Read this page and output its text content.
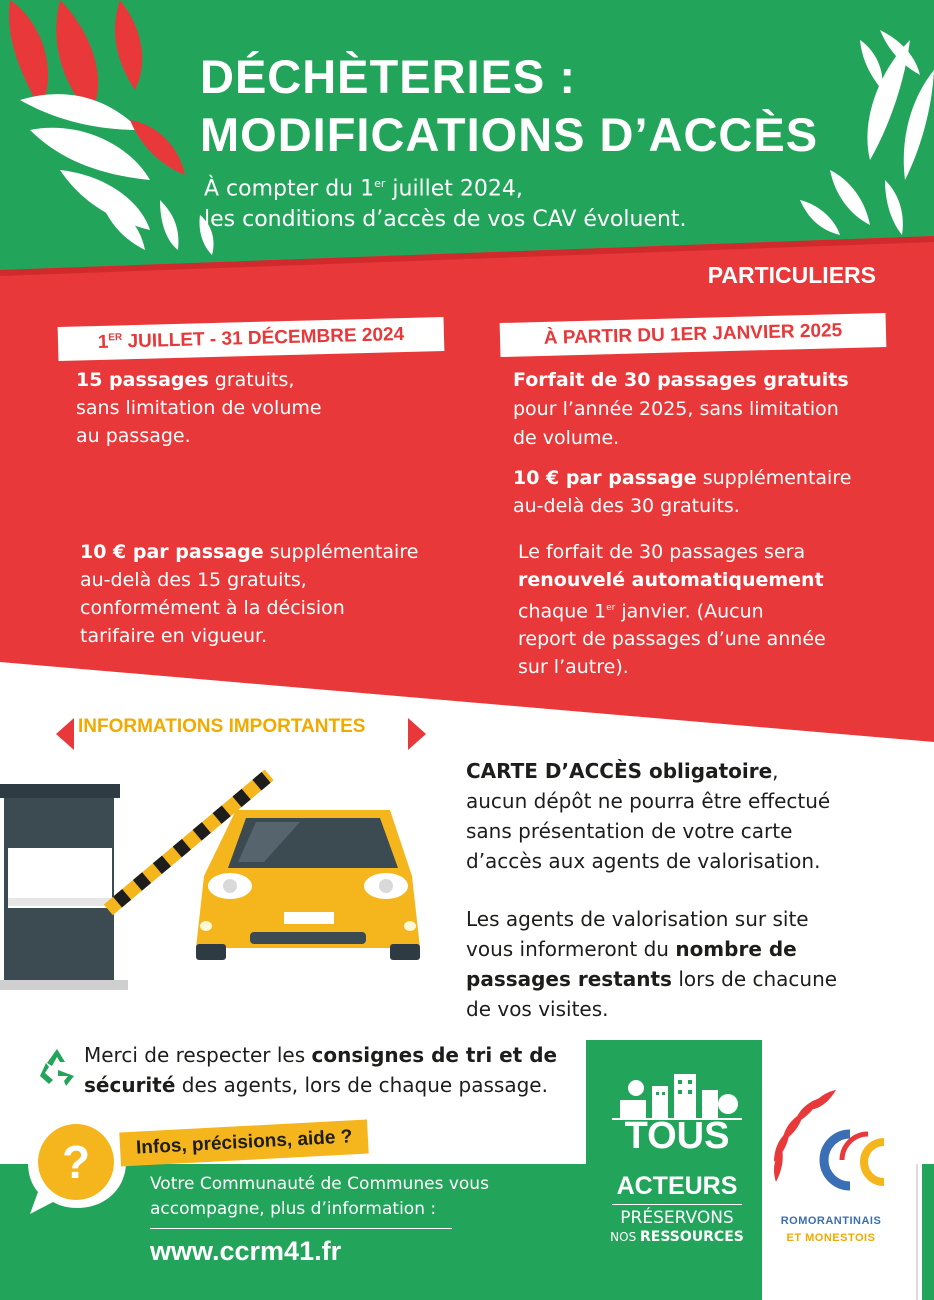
DÉCHÈTERIES :
MODIFICATIONS D’ACCÈS
À compter du 1er juillet 2024,
les conditions d’accès de vos CAV évoluent.
PARTICULIERS
1ER JUILLET - 31 DÉCEMBRE 2024
15 passages gratuits,
sans limitation de volume
au passage.
10 € par passage supplémentaire
au-delà des 15 gratuits,
conformément à la décision
tarifaire en vigueur.
À PARTIR DU 1ER JANVIER 2025
Forfait de 30 passages gratuits
pour l’année 2025, sans limitation
de volume.
10 € par passage supplémentaire
au-delà des 30 gratuits.
Le forfait de 30 passages sera
renouvelé automatiquement
chaque 1er janvier. (Aucun
report de passages d’une année
sur l’autre).
INFORMATIONS IMPORTANTES
CARTE D’ACCÈS obligatoire,
aucun dépôt ne pourra être effectué
sans présentation de votre carte
d’accès aux agents de valorisation.
Les agents de valorisation sur site
vous informeront du nombre de
passages restants lors de chacune
de vos visites.
Merci de respecter les consignes de tri et de
sécurité des agents, lors de chaque passage.
?	Infos, précisions, aide ?
Votre Communauté de Communes vous
accompagne, plus d’information :
www.ccrm41.fr
TOUS
ACTEURS
PRÉSERVONS
NOS RESSOURCES
ROMORANTINAIS
ET MONESTOIS
